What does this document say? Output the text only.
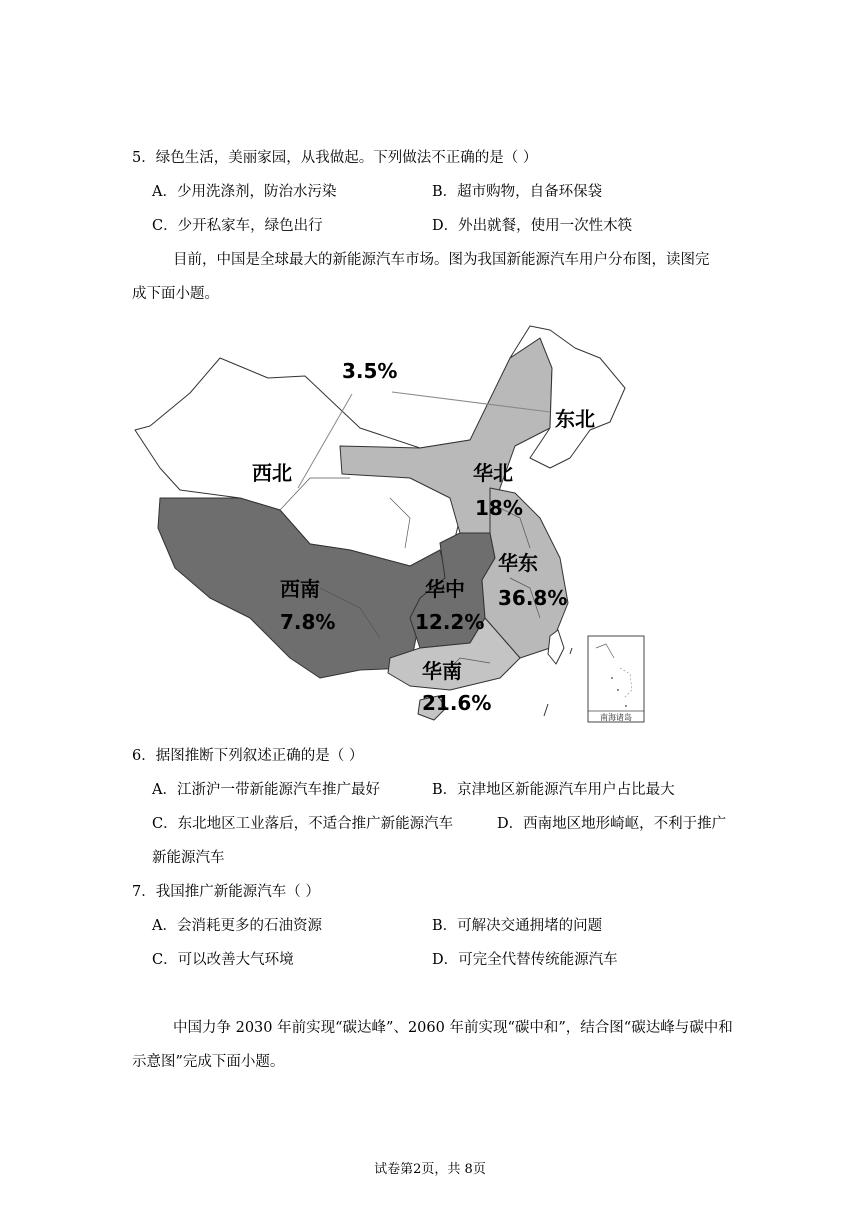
5．绿色生活，美丽家园，从我做起。下列做法不正确的是（ ）
A．少用洗涤剂，防治水污染	B．超市购物，自备环保袋
C．少开私家车，绿色出行	D．外出就餐，使用一次性木筷
目前，中国是全球最大的新能源汽车市场。图为我国新能源汽车用户分布图，读图完
成下面小题。
南海诸岛
3.5%
东北
西北	华北
18%
华东
36.8%
华中
12.2%
西南
7.8%
华南
21.6%
6．据图推断下列叙述正确的是（ ）
A．江浙沪一带新能源汽车推广最好	B．京津地区新能源汽车用户占比最大
C．东北地区工业落后，不适合推广新能源汽车	D．西南地区地形崎岖，不利于推广
新能源汽车
7．我国推广新能源汽车（ ）
A．会消耗更多的石油资源	B．可解决交通拥堵的问题
C．可以改善大气环境	D．可完全代替传统能源汽车
中国力争 2030 年前实现“碳达峰”、2060 年前实现“碳中和”，结合图“碳达峰与碳中和
示意图”完成下面小题。
试卷第2页，共 8页
